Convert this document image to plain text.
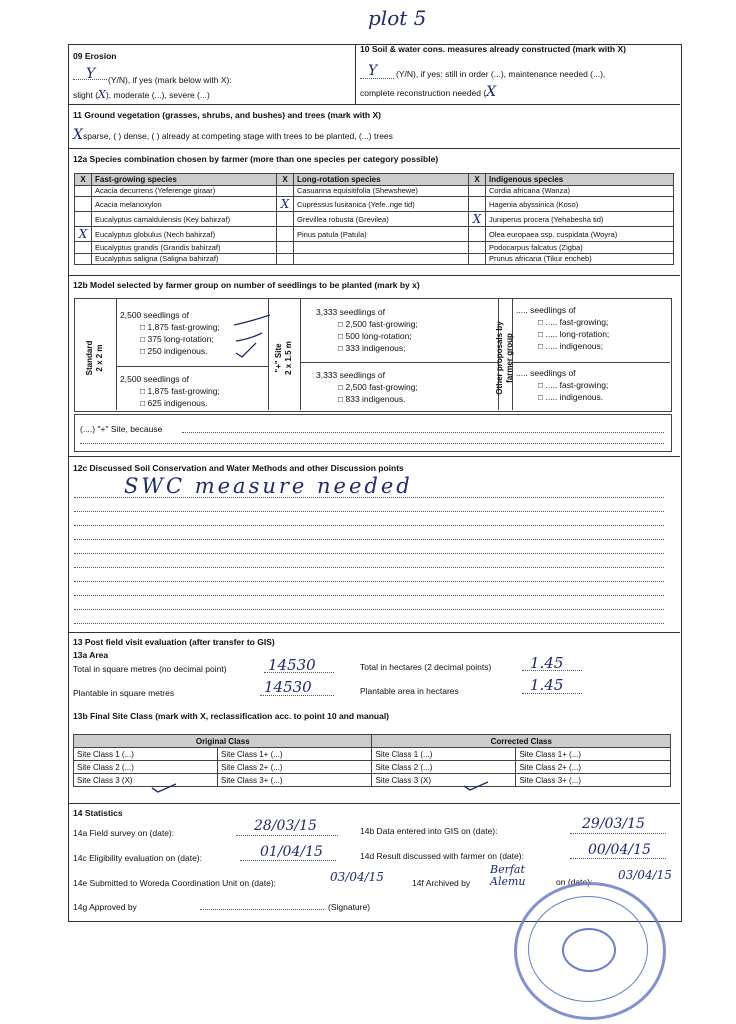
plot 5
09 Erosion
Y (Y/N), if yes (mark below with X):
slight (X), moderate (...), severe (...)
10 Soil & water cons. measures already constructed (mark with X)
Y (Y/N), if yes: still in order (...), maintenance needed (...),
complete reconstruction needed (X
11 Ground vegetation (grasses, shrubs, and bushes) and trees (mark with X)
Xsparse, ( ) dense, ( ) already at competing stage with trees to be planted, (...) trees
12a Species combination chosen by farmer (more than one species per category possible)
X	Fast-growing species	X	Long-rotation species	X	Indigenous species
	Acacia decurrens (Yeferenge giraar)		Casuarina equisitifolia (Shewshewe)		Cordia africana (Wanza)
	Acacia melanoxylon	X	Cupressus lusitanica (Yefe..nge tid)		Hagenia abyssinica (Koso)
	Eucalyptus camaldulensis (Key bahirzaf)		Grevillea robusta (Grevilea)	X	Juniperus procera (Yehabesha tid)
X	Eucalyptus globulus (Nech bahirzaf)		Pinus patula (Patula)		Olea europaea ssp. cuspidata (Woyra)
	Eucalyptus grandis (Grandis bahirzaf)				Podocarpus falcatus (Zigba)
	Eucalyptus saligna (Saligna bahirzaf)				Prunus africana (Tikur encheb)
12b Model selected by farmer group on number of seedlings to be planted (mark by x)
Standard
2 x 2 m
"+" Site
2 x 1.5 m
Other proposals by
farmer group
2,500 seedlings of
□ 1,875 fast-growing;
□ 375 long-rotation;
□ 250 indigenous.
2,500 seedlings of
□ 1,875 fast-growing;
□ 625 indigenous.
3,333 seedlings of
□ 2,500 fast-growing;
□ 500 long-rotation;
□ 333 indigenous;
3,333 seedlings of
□ 2,500 fast-growing;
□ 833 indigenous.
..... seedlings of
□ ..... fast-growing;
□ ..... long-rotation;
□ ..... indigenous;
..... seedlings of
□ ..... fast-growing;
□ ..... indigenous.
(....) "+" Site, because
12c Discussed Soil Conservation and Water Methods and other Discussion points
SWC measure needed
13 Post field visit evaluation (after transfer to GIS)
13a Area
Total in square metres (no decimal point)	14530	Total in hectares (2 decimal points)	1.45
Plantable in square metres	14530	Plantable area in hectares	1.45
13b Final Site Class (mark with X, reclassification acc. to point 10 and manual)
Original Class		Corrected Class	
Site Class 1 (...)	Site Class 1+ (...)	Site Class 1 (...)	Site Class 1+ (...)
Site Class 2 (...)	Site Class 2+ (...)	Site Class 2 (...)	Site Class 2+ (...)
Site Class 3 (X)	Site Class 3+ (...)	Site Class 3 (X)	Site Class 3+ (...)
14 Statistics
14a Field survey on (date):	28/03/15	14b Data entered into GIS on (date):	29/03/15
14c Eligibility evaluation on (date):	01/04/15	14d Result discussed with farmer on (date):	00/04/15
14e Submitted to Woreda Coordination Unit on (date):	03/04/15	14f Archived by
Berfat Alemu	on (date): 03/04/15
14g Approved by	(Signature)
